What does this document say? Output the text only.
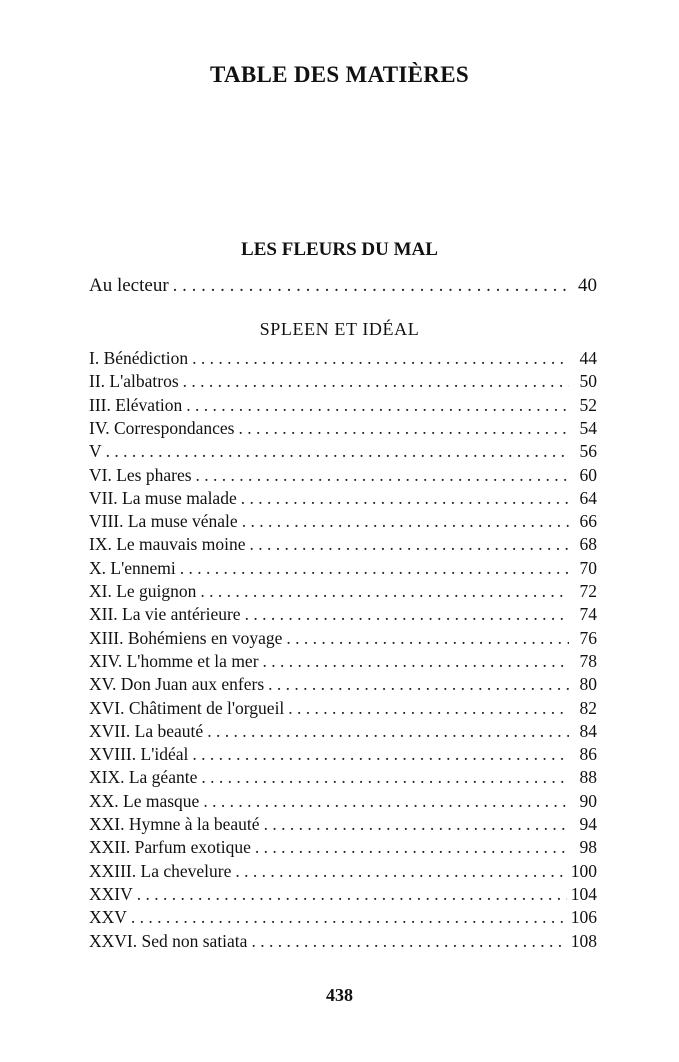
TABLE DES MATIÈRES
LES FLEURS DU MAL
Au lecteur . . .	40
SPLEEN ET IDÉAL
I. Bénédiction . . .	44
II. L'albatros . . .	50
III. Elévation . . .	52
IV. Correspondances . . .	54
V . . .	56
VI. Les phares . . .	60
VII. La muse malade . . .	64
VIII. La muse vénale . . .	66
IX. Le mauvais moine . . .	68
X. L'ennemi . . .	70
XI. Le guignon . . .	72
XII. La vie antérieure . . .	74
XIII. Bohémiens en voyage . . .	76
XIV. L'homme et la mer . . .	78
XV. Don Juan aux enfers . . .	80
XVI. Châtiment de l'orgueil . . .	82
XVII. La beauté . . .	84
XVIII. L'idéal . . .	86
XIX. La géante . . .	88
XX. Le masque . . .	90
XXI. Hymne à la beauté . . .	94
XXII. Parfum exotique . . .	98
XXIII. La chevelure . . .	100
XXIV . . .	104
XXV . . .	106
XXVI. Sed non satiata . . .	108
438
